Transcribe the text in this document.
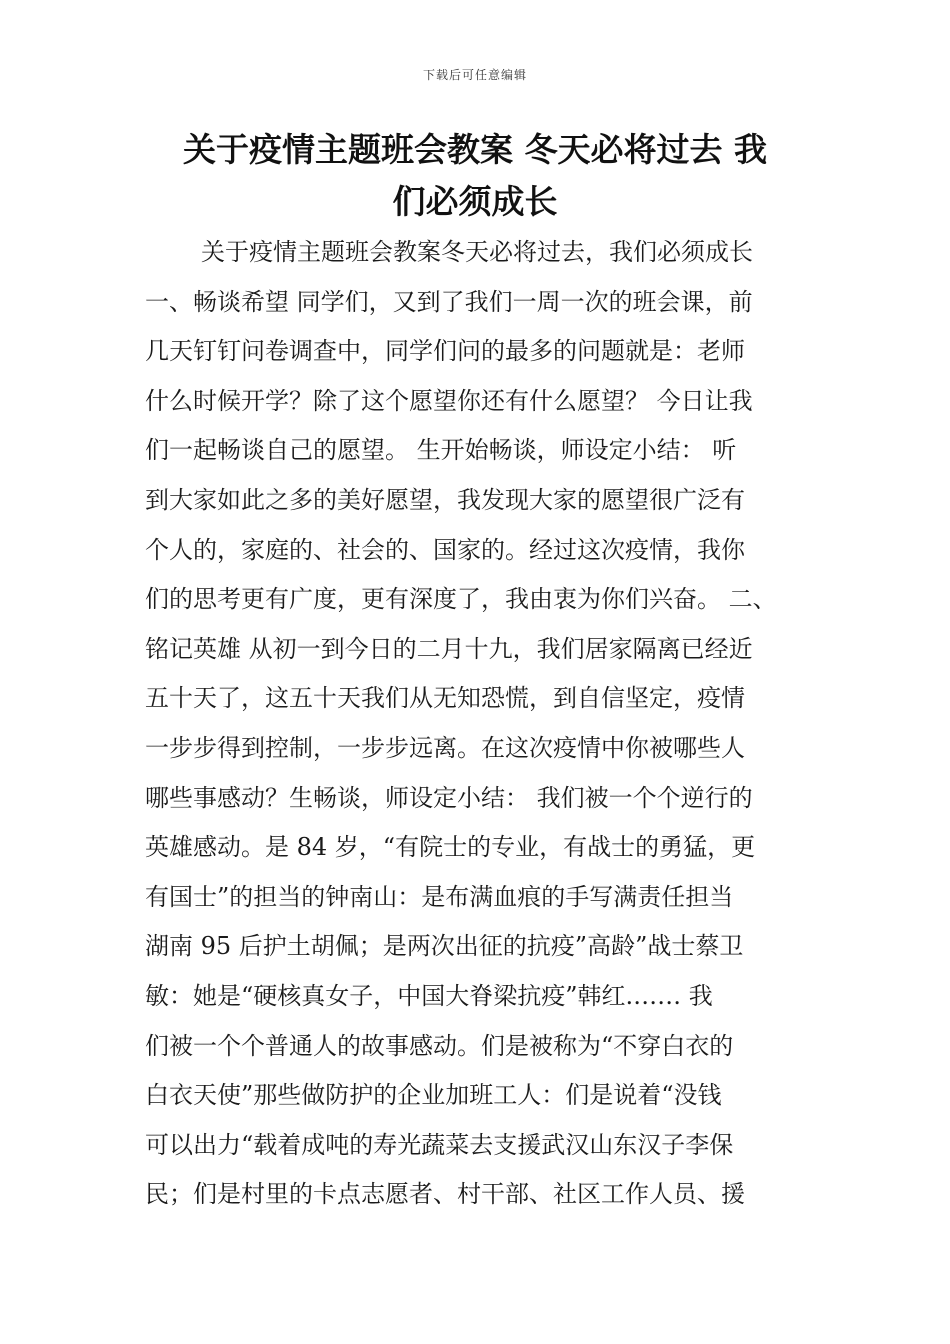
下载后可任意编辑
关于疫情主题班会教案 冬天必将过去 我
们必须成长
关于疫情主题班会教案冬天必将过去，我们必须成长
一、畅谈希望 同学们，又到了我们一周一次的班会课，前
几天钉钉问卷调查中，同学们问的最多的问题就是：老师
什么时候开学？除了这个愿望你还有什么愿望？ 今日让我
们一起畅谈自己的愿望。 生开始畅谈，师设定小结： 听
到大家如此之多的美好愿望，我发现大家的愿望很广泛有
个人的，家庭的、社会的、国家的。经过这次疫情，我你
们的思考更有广度，更有深度了，我由衷为你们兴奋。 二、
铭记英雄 从初一到今日的二月十九，我们居家隔离已经近
五十天了，这五十天我们从无知恐慌，到自信坚定，疫情
一步步得到控制，一步步远离。在这次疫情中你被哪些人
哪些事感动？生畅谈，师设定小结： 我们被一个个逆行的
英雄感动。是 84 岁，“有院士的专业，有战士的勇猛，更
有国士”的担当的钟南山：是布满血痕的手写满责任担当
湖南 95 后护土胡佩；是两次出征的抗疫”高龄”战士蔡卫
敏：她是“硬核真女子，中国大脊梁抗疫”韩红.…… 我
们被一个个普通人的故事感动。们是被称为“不穿白衣的
白衣天使”那些做防护的企业加班工人：们是说着“没钱
可以出力“载着成吨的寿光蔬菜去支援武汉山东汉子李保
民；们是村里的卡点志愿者、村干部、社区工作人员、援
